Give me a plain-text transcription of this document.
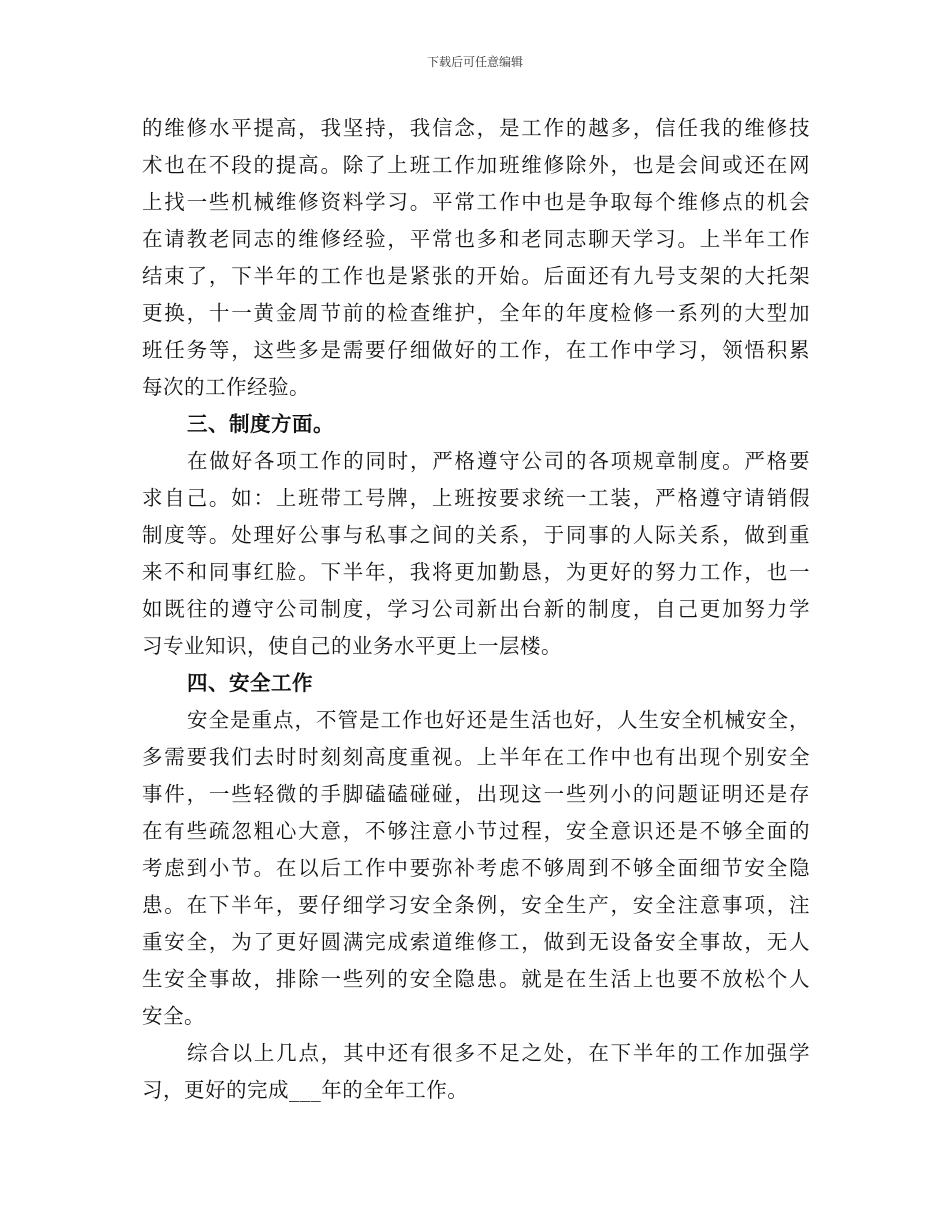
下载后可任意编辑
的维修水平提高，我坚持，我信念，是工作的越多，信任我的维修技
术也在不段的提高。除了上班工作加班维修除外，也是会间或还在网
上找一些机械维修资料学习。平常工作中也是争取每个维修点的机会
在请教老同志的维修经验，平常也多和老同志聊天学习。上半年工作
结束了，下半年的工作也是紧张的开始。后面还有九号支架的大托架
更换，十一黄金周节前的检查维护，全年的年度检修一系列的大型加
班任务等，这些多是需要仔细做好的工作，在工作中学习，领悟积累
每次的工作经验。
三、制度方面。
在做好各项工作的同时，严格遵守公司的各项规章制度。严格要
求自己。如：上班带工号牌，上班按要求统一工装，严格遵守请销假
制度等。处理好公事与私事之间的关系，于同事的人际关系，做到重
来不和同事红脸。下半年，我将更加勤恳，为更好的努力工作，也一
如既往的遵守公司制度，学习公司新出台新的制度，自己更加努力学
习专业知识，使自己的业务水平更上一层楼。
四、安全工作
安全是重点，不管是工作也好还是生活也好，人生安全机械安全，
多需要我们去时时刻刻高度重视。上半年在工作中也有出现个别安全
事件，一些轻微的手脚磕磕碰碰，出现这一些列小的问题证明还是存
在有些疏忽粗心大意，不够注意小节过程，安全意识还是不够全面的
考虑到小节。在以后工作中要弥补考虑不够周到不够全面细节安全隐
患。在下半年，要仔细学习安全条例，安全生产，安全注意事项，注
重安全，为了更好圆满完成索道维修工，做到无设备安全事故，无人
生安全事故，排除一些列的安全隐患。就是在生活上也要不放松个人
安全。
综合以上几点，其中还有很多不足之处，在下半年的工作加强学
习，更好的完成___年的全年工作。
